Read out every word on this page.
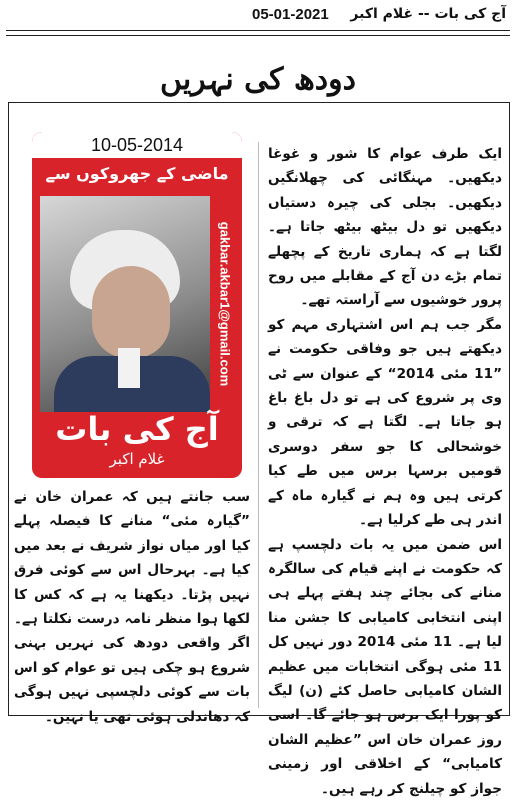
05-01-2021 آج کی بات -- غلام اکبر
دودھ کی نہریں

ایک طرف عوام کا شور و غوغا دیکھیں۔ مہنگائی کی چھلانگیں دیکھیں۔ بجلی کی چیرہ دستیاں دیکھیں تو دل بیٹھ بیٹھ جاتا ہے۔ لگتا ہے کہ ہماری تاریخ کے پچھلے تمام بڑے دن آج کے مقابلے میں روح پرور خوشیوں سے آراستہ تھے۔

مگر جب ہم اس اشتہاری مہم کو دیکھتے ہیں جو وفاقی حکومت نے ”11 مئی 2014“ کے عنوان سے ٹی وی پر شروع کی ہے تو دل باغ باغ ہو جاتا ہے۔ لگتا ہے کہ ترقی و خوشحالی کا جو سفر دوسری قومیں برسہا برس میں طے کیا کرتی ہیں وہ ہم نے گیارہ ماہ کے اندر ہی طے کرلیا ہے۔

اس ضمن میں یہ بات دلچسپ ہے کہ حکومت نے اپنے قیام کی سالگرہ منانے کی بجائے چند ہفتے پہلے ہی اپنی انتخابی کامیابی کا جشن منا لیا ہے۔ 11 مئی 2014 دور نہیں کل 11 مئی ہوگی انتخابات میں عظیم الشان کامیابی حاصل کئے (ن) لیگ کو پورا ایک برس ہو جائے گا۔ اسی روز عمران خان اس ”عظیم الشان کامیابی“ کے اخلاقی اور زمینی جواز کو چیلنج کر رہے ہیں۔

10-05-2014
ماضی کے جھروکوں سے
gakbar.akbar1@gmail.com
آج کی بات
غلام اکبر

سب جانتے ہیں کہ عمران خان نے ”گیارہ مئی“ منانے کا فیصلہ پہلے کیا اور میاں نواز شریف نے بعد میں کیا ہے۔ بہرحال اس سے کوئی فرق نہیں پڑتا۔ دیکھنا یہ ہے کہ کس کا لکھا ہوا منظر نامہ درست نکلتا ہے۔ اگر واقعی دودھ کی نہریں بہنی شروع ہو چکی ہیں تو عوام کو اس بات سے کوئی دلچسپی نہیں ہوگی کہ دھاندلی ہوئی تھی یا نہیں۔
